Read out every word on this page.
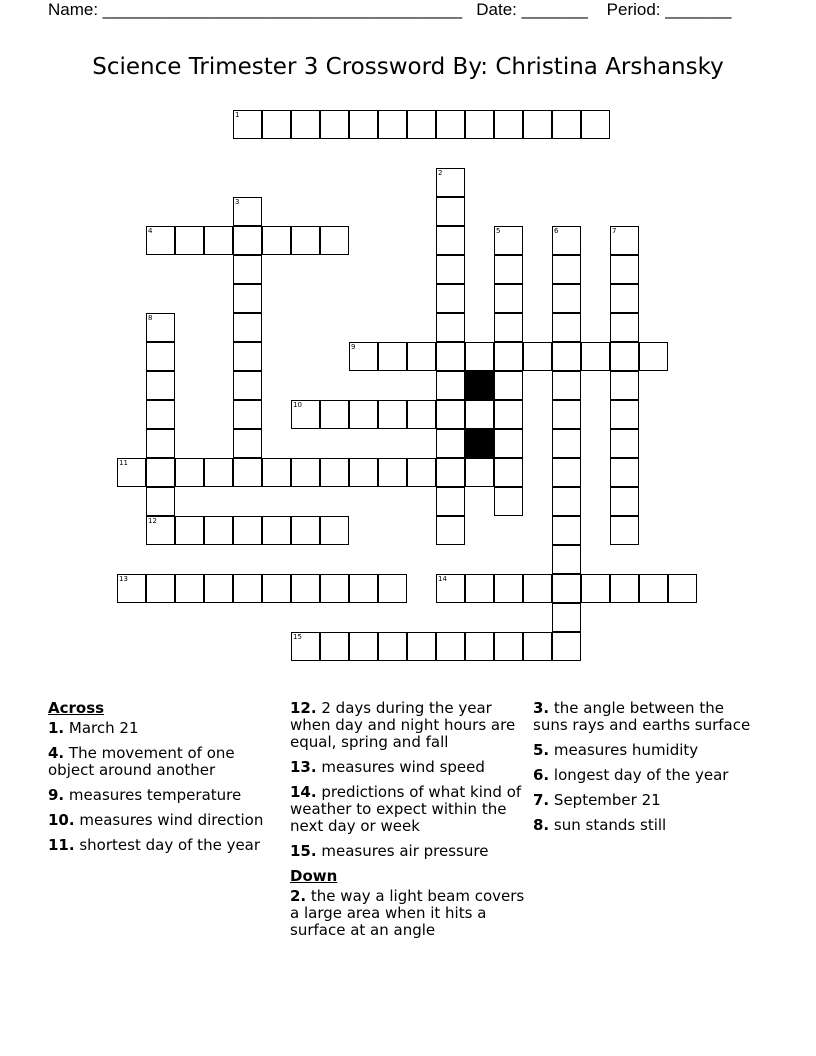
Name: ______________________________________   Date: _______    Period: _______
Science Trimester 3 Crossword By: Christina Arshansky
1
2
3
4	5	6	7
8
9
10
11
12
13	14
15
Across
1. March 21
4. The movement of one object around another
9. measures temperature
10. measures wind direction
11. shortest day of the year
12. 2 days during the year when day and night hours are equal, spring and fall
13. measures wind speed
14. predictions of what kind of weather to expect within the next day or week
15. measures air pressure
Down
2. the way a light beam covers a large area when it hits a surface at an angle
3. the angle between the suns rays and earths surface
5. measures humidity
6. longest day of the year
7. September 21
8. sun stands still
